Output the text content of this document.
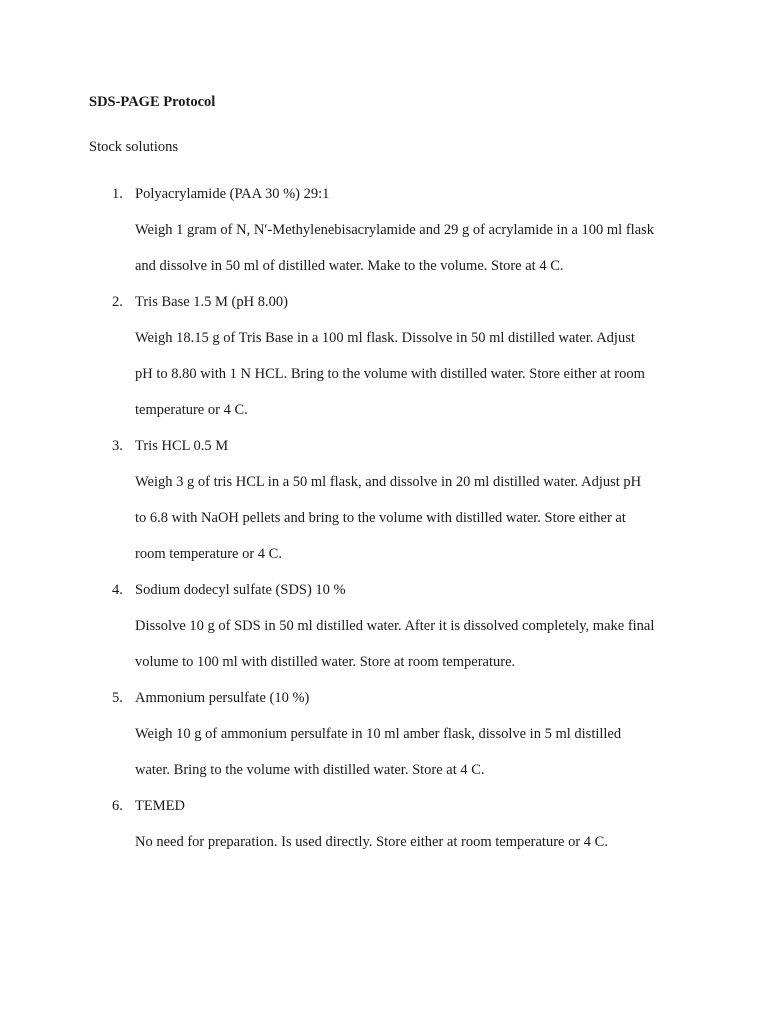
SDS-PAGE Protocol

Stock solutions

1. Polyacrylamide (PAA 30 %) 29:1
Weigh 1 gram of N, N′-Methylenebisacrylamide and 29 g of acrylamide in a 100 ml flask
and dissolve in 50 ml of distilled water. Make to the volume. Store at 4 C.
2. Tris Base 1.5 M (pH 8.00)
Weigh 18.15 g of Tris Base in a 100 ml flask. Dissolve in 50 ml distilled water. Adjust
pH to 8.80 with 1 N HCL. Bring to the volume with distilled water. Store either at room
temperature or 4 C.
3. Tris HCL 0.5 M
Weigh 3 g of tris HCL in a 50 ml flask, and dissolve in 20 ml distilled water. Adjust pH
to 6.8 with NaOH pellets and bring to the volume with distilled water. Store either at
room temperature or 4 C.
4. Sodium dodecyl sulfate (SDS) 10 %
Dissolve 10 g of SDS in 50 ml distilled water. After it is dissolved completely, make final
volume to 100 ml with distilled water. Store at room temperature.
5. Ammonium persulfate (10 %)
Weigh 10 g of ammonium persulfate in 10 ml amber flask, dissolve in 5 ml distilled
water. Bring to the volume with distilled water. Store at 4 C.
6. TEMED
No need for preparation. Is used directly. Store either at room temperature or 4 C.
